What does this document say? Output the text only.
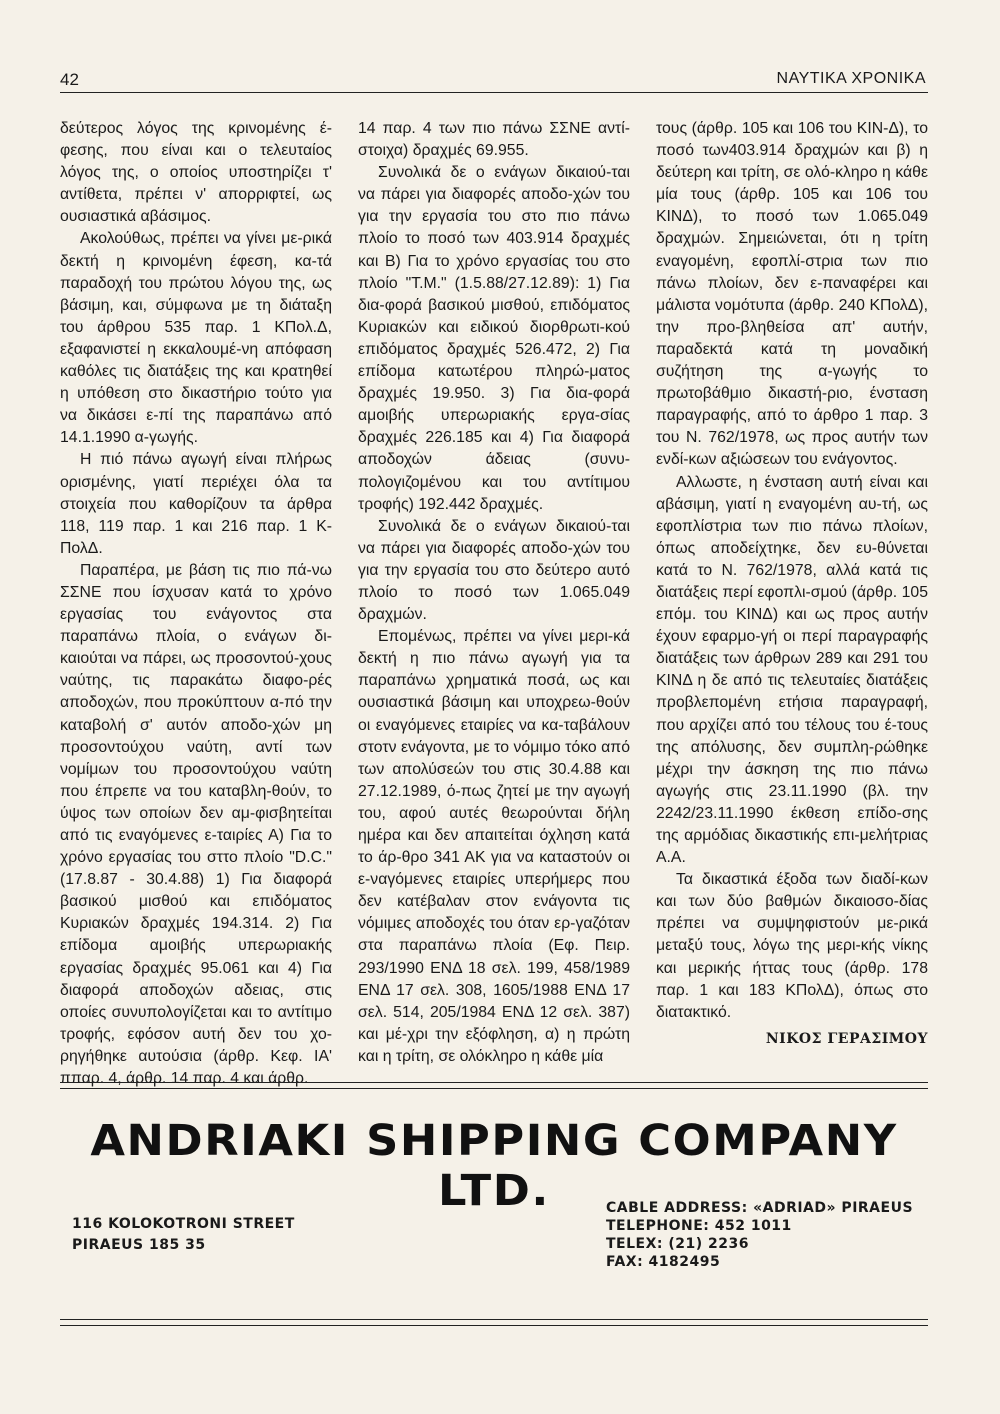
42	ΝΑΥΤΙΚΑ ΧΡΟΝΙΚΑ

δεύτερος λόγος της κρινομένης έ-φεσης, που είναι και ο τελευταίος λόγος της, ο οποίος υποστηρίζει τ' αντίθετα, πρέπει ν' απορριφτεί, ως ουσιαστικά αβάσιμος.

Ακολούθως, πρέπει να γίνει με-ρικά δεκτή η κρινομένη έφεση, κα-τά παραδοχή του πρώτου λόγου της, ως βάσιμη, και, σύμφωνα με τη διάταξη του άρθρου 535 παρ. 1 ΚΠολ.Δ, εξαφανιστεί η εκκαλουμέ-νη απόφαση καθόλες τις διατάξεις της και κρατηθεί η υπόθεση στο δικαστήριο τούτο για να δικάσει ε-πί της παραπάνω από 14.1.1990 α-γωγής.

Η πιό πάνω αγωγή είναι πλήρως ορισμένης, γιατί περιέχει όλα τα στοιχεία που καθορίζουν τα άρθρα 118, 119 παρ. 1 και 216 παρ. 1 Κ-ΠολΔ.

Παραπέρα, με βάση τις πιο πά-νω ΣΣΝΕ που ίσχυσαν κατά το χρόνο εργασίας του ενάγοντος στα παραπάνω πλοία, ο ενάγων δι-καιούται να πάρει, ως προσοντού-χους ναύτης, τις παρακάτω διαφο-ρές αποδοχών, που προκύπτουν α-πό την καταβολή σ' αυτόν αποδο-χών μη προσοντούχου ναύτη, αντί των νομίμων του προσοντούχου ναύτη που έπρεπε να του καταβλη-θούν, το ύψος των οποίων δεν αμ-φισβητείται από τις εναγόμενες ε-ταιρίες Α) Για το χρόνο εργασίας του σττο πλοίο "D.C." (17.8.87 - 30.4.88) 1) Για διαφορά βασικού μισθού και επιδόματος Κυριακών δραχμές 194.314. 2) Για επίδομα αμοιβής υπερωριακής εργασίας δραχμές 95.061 και 4) Για διαφορά αποδοχών αδειας, στις οποίες συνυπολογίζεται και το αντίτιμο τροφής, εφόσον αυτή δεν του χο-ρηγήθηκε αυτούσια (άρθρ. Κεφ. ΙΑ' ππαρ. 4, άρθρ. 14 παρ. 4 και άρθρ.

14 παρ. 4 των πιο πάνω ΣΣΝΕ αντί-στοιχα) δραχμές 69.955.

Συνολικά δε ο ενάγων δικαιού-ται να πάρει για διαφορές αποδο-χών του για την εργασία του στο πιο πάνω πλοίο το ποσό των 403.914 δραχμές και Β) Για το χρόνο εργασίας του στο πλοίο "T.M." (1.5.88/27.12.89): 1) Για δια-φορά βασικού μισθού, επιδόματος Κυριακών και ειδικού διορθρωτι-κού επιδόματος δραχμές 526.472, 2) Για επίδομα κατωτέρου πληρώ-ματος δραχμές 19.950. 3) Για δια-φορά αμοιβής υπερωριακής εργα-σίας δραχμές 226.185 και 4) Για διαφορά αποδοχών άδειας (συνυ-πολογιζομένου και του αντίτιμου τροφής) 192.442 δραχμές.

Συνολικά δε ο ενάγων δικαιού-ται να πάρει για διαφορές αποδο-χών του για την εργασία του στο δεύτερο αυτό πλοίο το ποσό των 1.065.049 δραχμών.

Επομένως, πρέπει να γίνει μερι-κά δεκτή η πιο πάνω αγωγή για τα παραπάνω χρηματικά ποσά, ως και ουσιαστικά βάσιμη και υποχρεω-θούν οι εναγόμενες εταιρίες να κα-ταβάλουν στοτν ενάγοντα, με το νόμιμο τόκο από των απολύσεών του στις 30.4.88 και 27.12.1989, ό-πως ζητεί με την αγωγή του, αφού αυτές θεωρούνται δήλη ημέρα και δεν απαιτείται όχληση κατά το άρ-θρο 341 ΑΚ για να καταστούν οι ε-ναγόμενες εταιρίες υπερήμερς που δεν κατέβαλαν στον ενάγοντα τις νόμιμες αποδοχές του όταν ερ-γαζόταν στα παραπάνω πλοία (Εφ. Πειρ. 293/1990 ΕΝΔ 18 σελ. 199, 458/1989 ΕΝΔ 17 σελ. 308, 1605/1988 ΕΝΔ 17 σελ. 514, 205/1984 ΕΝΔ 12 σελ. 387) και μέ-χρι την εξόφληση, α) η πρώτη και η τρίτη, σε ολόκληρο η κάθε μία

τους (άρθρ. 105 και 106 του ΚΙΝ-Δ), το ποσό των403.914 δραχμών και β) η δεύτερη και τρίτη, σε ολό-κληρο η κάθε μία τους (άρθρ. 105 και 106 του ΚΙΝΔ), το ποσό των 1.065.049 δραχμών. Σημειώνεται, ότι η τρίτη εναγομένη, εφοπλί-στρια των πιο πάνω πλοίων, δεν ε-παναφέρει και μάλιστα νομότυπα (άρθρ. 240 ΚΠολΔ), την προ-βληθείσα απ' αυτήν, παραδεκτά κατά τη μοναδική συζήτηση της α-γωγής το πρωτοβάθμιο δικαστή-ριο, ένσταση παραγραφής, από το άρθρο 1 παρ. 3 του Ν. 762/1978, ως προς αυτήν των ενδί-κων αξιώσεων του ενάγοντος.

Αλλωστε, η ένσταση αυτή είναι και αβάσιμη, γιατί η εναγομένη αυ-τή, ως εφοπλίστρια των πιο πάνω πλοίων, όπως αποδείχτηκε, δεν ευ-θύνεται κατά το Ν. 762/1978, αλλά κατά τις διατάξεις περί εφοπλι-σμού (άρθρ. 105 επόμ. του ΚΙΝΔ) και ως προς αυτήν έχουν εφαρμο-γή οι περί παραγραφής διατάξεις των άρθρων 289 και 291 του ΚΙΝΔ η δε από τις τελευταίες διατάξεις προβλεπομένη ετήσια παραγραφή, που αρχίζει από του τέλους του έ-τους της απόλυσης, δεν συμπλη-ρώθηκε μέχρι την άσκηση της πιο πάνω αγωγής στις 23.11.1990 (βλ. την 2242/23.11.1990 έκθεση επίδο-σης της αρμόδιας δικαστικής επι-μελήτριας Α.Α.

Τα δικαστικά έξοδα των διαδί-κων και των δύο βαθμών δικαιοσο-δίας πρέπει να συμψηφιστούν με-ρικά μεταξύ τους, λόγω της μερι-κής νίκης και μερικής ήττας τους (άρθρ. 178 παρ. 1 και 183 ΚΠολΔ), όπως στο διατακτικό.

ΝΙΚΟΣ ΓΕΡΑΣΙΜΟΥ
ANDRIAKI SHIPPING COMPANY LTD.
116 KOLOKOTRONI STREET
PIRAEUS 185 35
CABLE ADDRESS: «ADRIAD» PIRAEUS
TELEPHONE: 452 1011
TELEX: (21) 2236
FAX: 4182495
